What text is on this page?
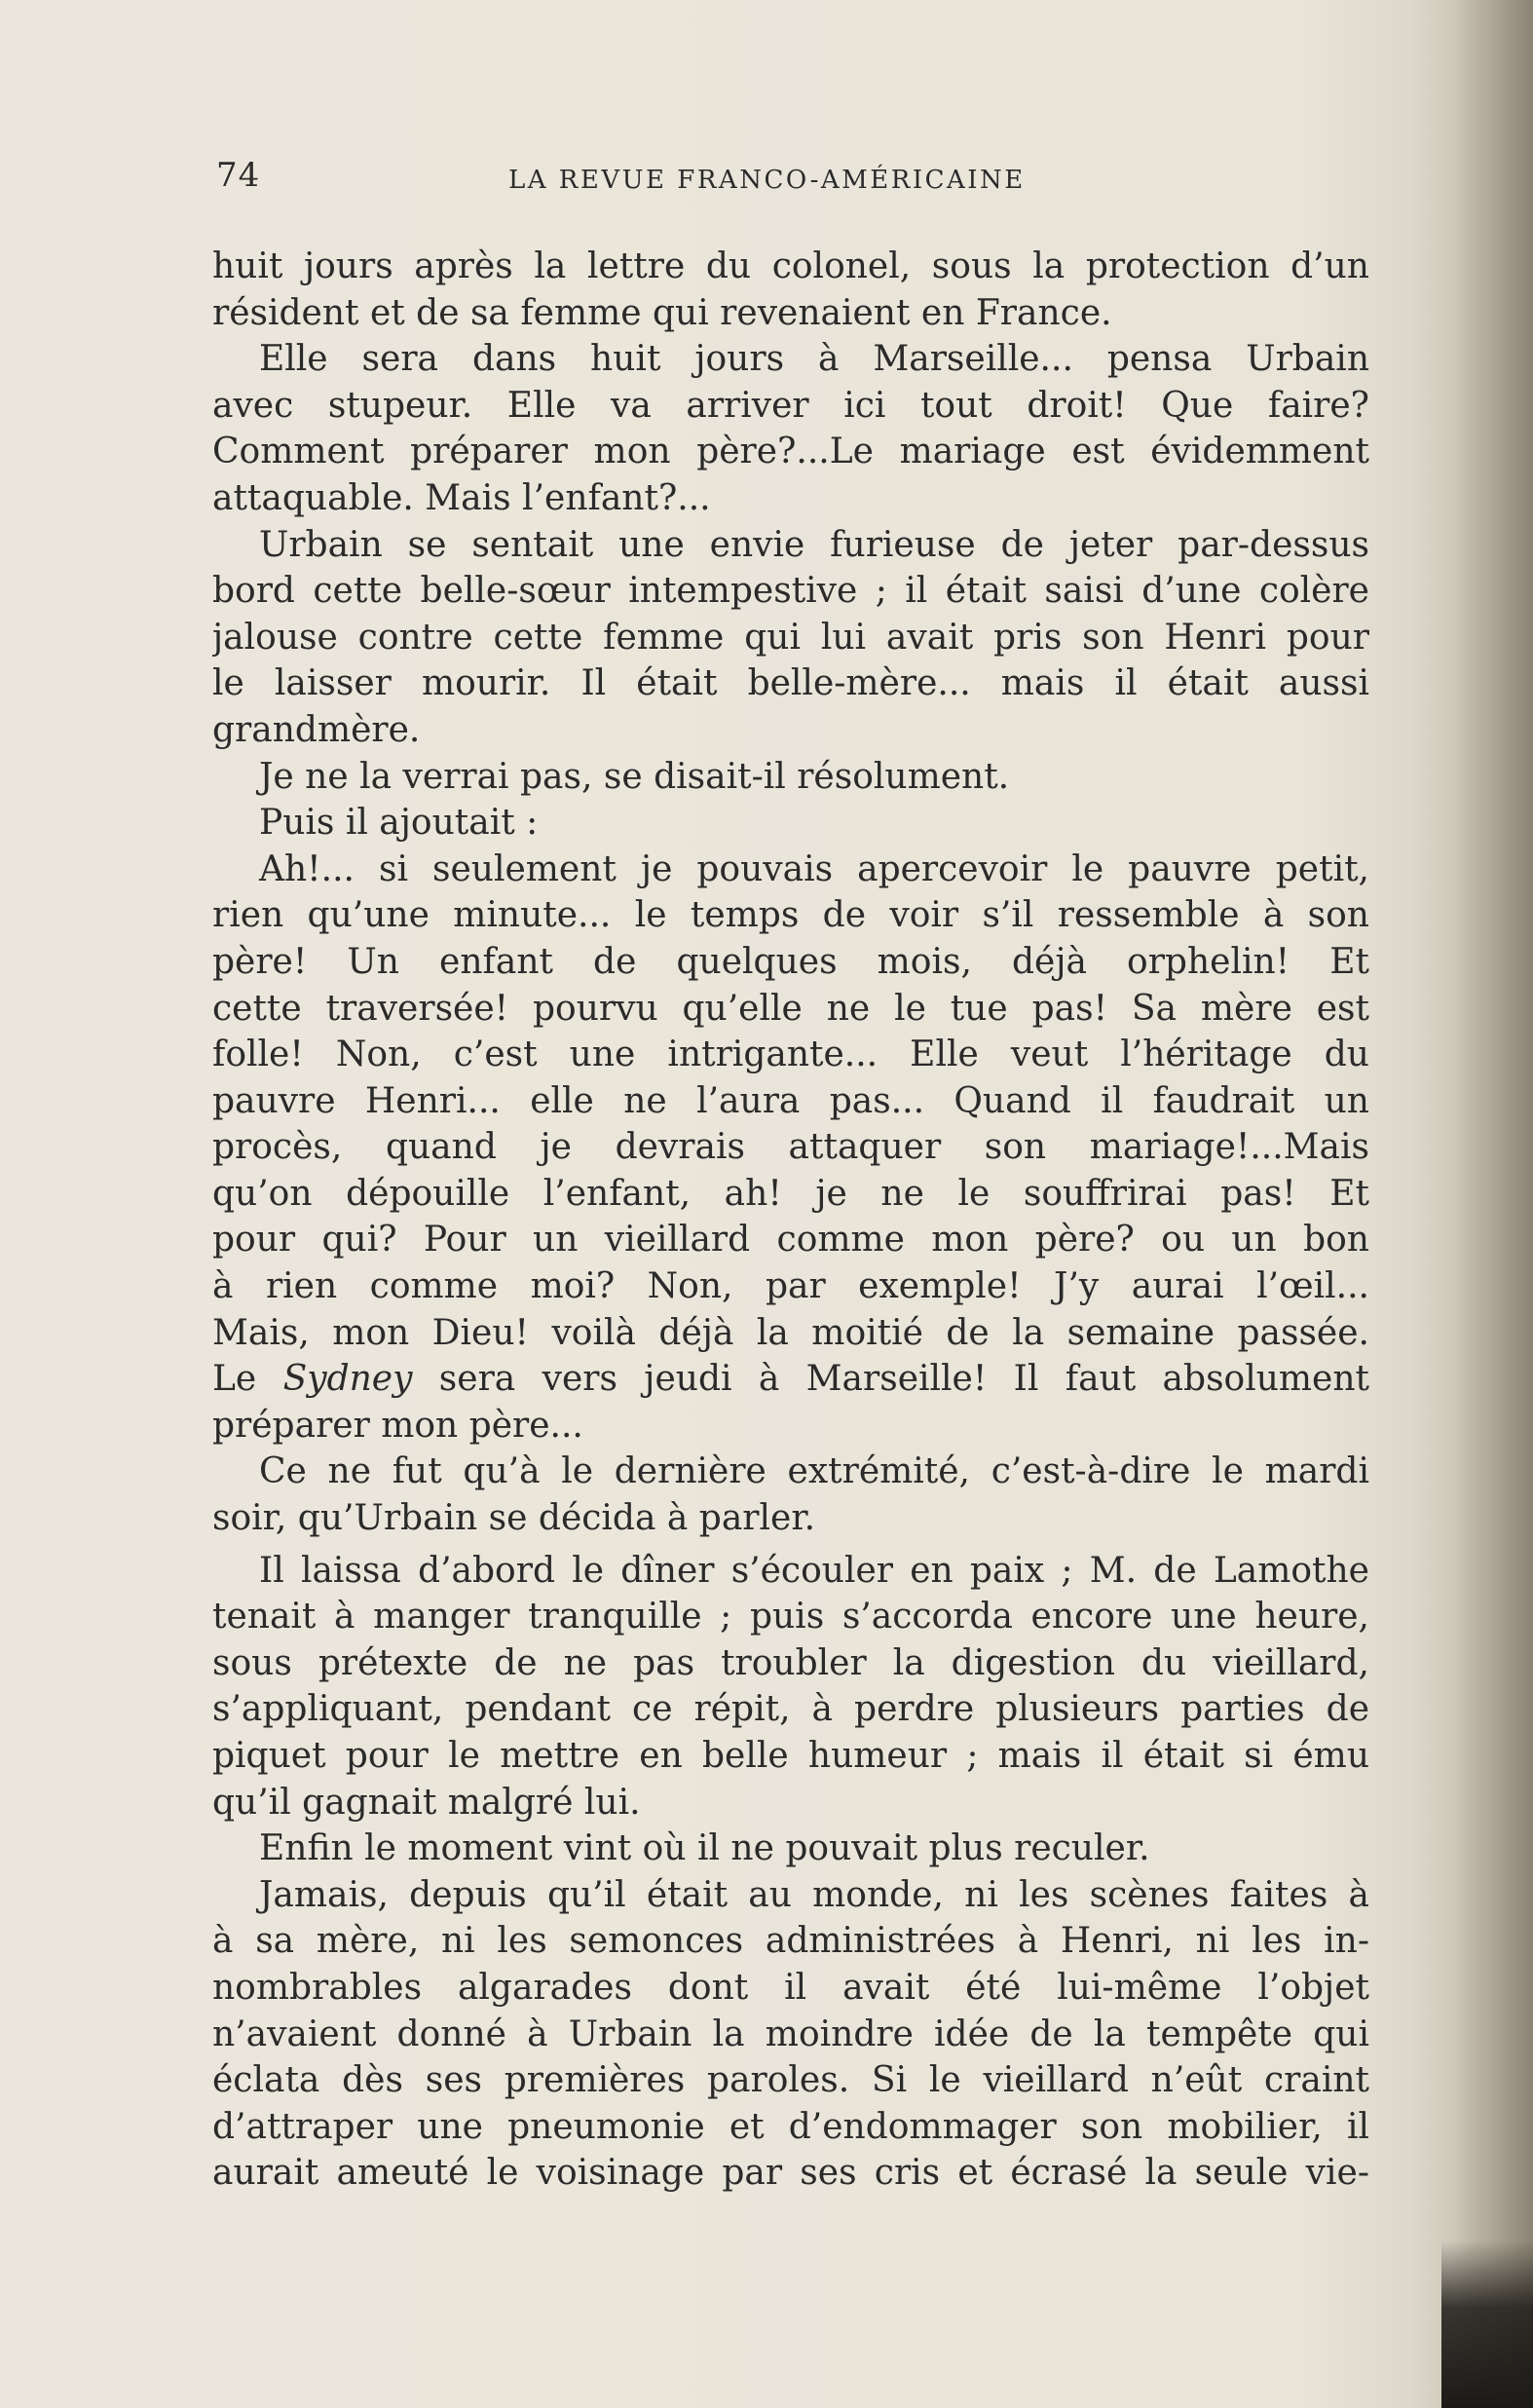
74	LA REVUE FRANCO-AMÉRICAINE
huit jours après la lettre du colonel, sous la protection d’un
résident et de sa femme qui revenaient en France.
Elle sera dans huit jours à Marseille... pensa Urbain
avec stupeur. Elle va arriver ici tout droit! Que faire?
Comment préparer mon père?...Le mariage est évidemment
attaquable. Mais l’enfant?...
Urbain se sentait une envie furieuse de jeter par-dessus
bord cette belle-sœur intempestive ; il était saisi d’une colère
jalouse contre cette femme qui lui avait pris son Henri pour
le laisser mourir. Il était belle-mère... mais il était aussi
grandmère.
Je ne la verrai pas, se disait-il résolument.
Puis il ajoutait :
Ah!... si seulement je pouvais apercevoir le pauvre petit,
rien qu’une minute... le temps de voir s’il ressemble à son
père! Un enfant de quelques mois, déjà orphelin! Et
cette traversée! pourvu qu’elle ne le tue pas! Sa mère est
folle! Non, c’est une intrigante... Elle veut l’héritage du
pauvre Henri... elle ne l’aura pas... Quand il faudrait un
procès, quand je devrais attaquer son mariage!...Mais
qu’on dépouille l’enfant, ah! je ne le souffrirai pas! Et
pour qui? Pour un vieillard comme mon père? ou un bon
à rien comme moi? Non, par exemple! J’y aurai l’œil...
Mais, mon Dieu! voilà déjà la moitié de la semaine passée.
Le Sydney sera vers jeudi à Marseille! Il faut absolument
préparer mon père...
Ce ne fut qu’à le dernière extrémité, c’est-à-dire le mardi
soir, qu’Urbain se décida à parler.
Il laissa d’abord le dîner s’écouler en paix ; M. de Lamothe
tenait à manger tranquille ; puis s’accorda encore une heure,
sous prétexte de ne pas troubler la digestion du vieillard,
s’appliquant, pendant ce répit, à perdre plusieurs parties de
piquet pour le mettre en belle humeur ; mais il était si ému
qu’il gagnait malgré lui.
Enfin le moment vint où il ne pouvait plus reculer.
Jamais, depuis qu’il était au monde, ni les scènes faites à
à sa mère, ni les semonces administrées à Henri, ni les in-
nombrables algarades dont il avait été lui-même l’objet
n’avaient donné à Urbain la moindre idée de la tempête qui
éclata dès ses premières paroles. Si le vieillard n’eût craint
d’attraper une pneumonie et d’endommager son mobilier, il
aurait ameuté le voisinage par ses cris et écrasé la seule vie-
